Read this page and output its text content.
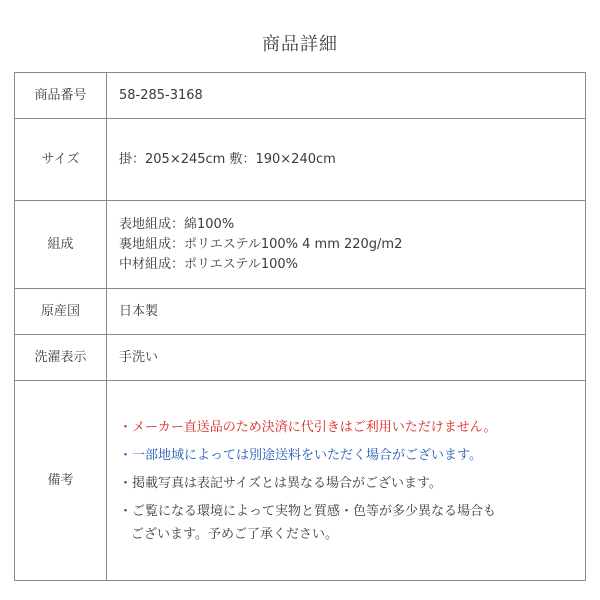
商品詳細
商品番号	58-285-3168
サイズ	掛：205×245cm 敷：190×240cm
組成	表地組成：綿100%
裏地組成：ポリエステル100% 4 mm 220g/m2
中材組成：ポリエステル100%

原産国	日本製
洗濯表示	手洗い
備考	・メーカー直送品のため決済に代引きはご利用いただけません。
・一部地域によっては別途送料をいただく場合がございます。
・掲載写真は表記サイズとは異なる場合がございます。
・ご覧になる環境によって実物と質感・色等が多少異なる場合も
ございます。予めご了承ください。
